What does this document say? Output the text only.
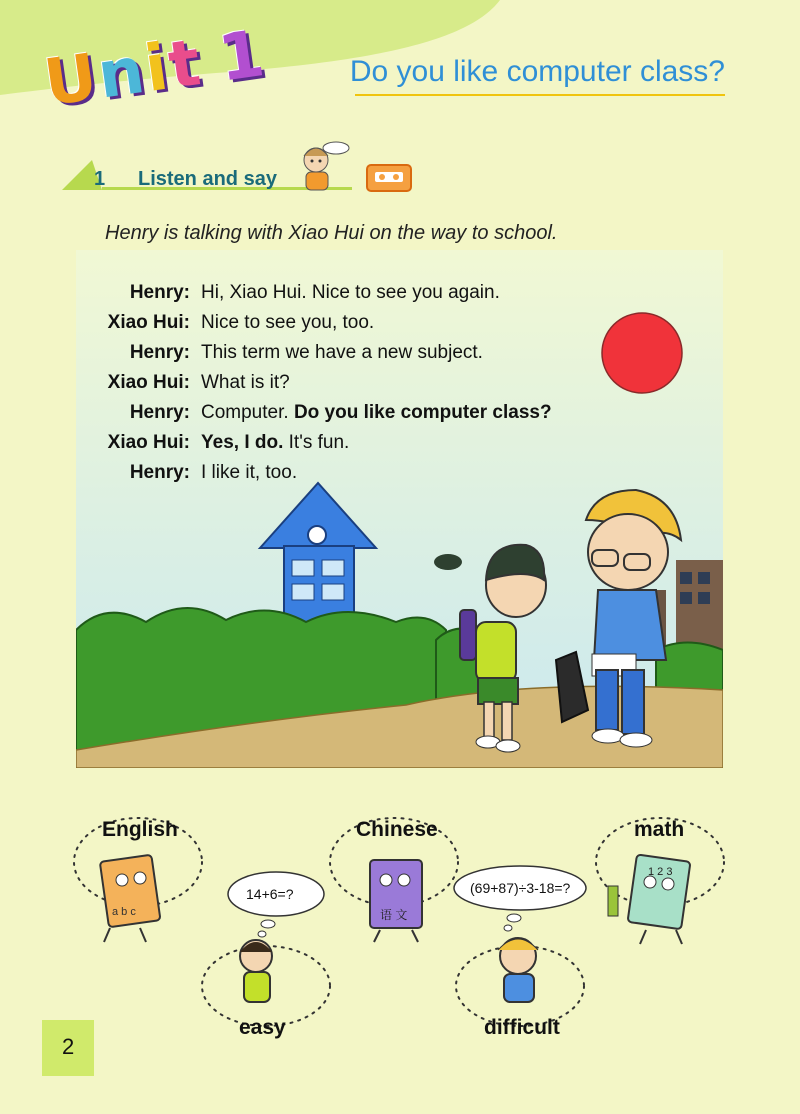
Unit 1	Do you like computer class?
1 Listen and say
Henry is talking with Xiao Hui on the way to school.
Henry: Hi, Xiao Hui. Nice to see you again.
Xiao Hui: Nice to see you, too.
Henry: This term we have a new subject.
Xiao Hui: What is it?
Henry: Computer. Do you like computer class?
Xiao Hui: Yes, I do. It's fun.
Henry: I like it, too.
English	Chinese	math
easy	difficult
14+6=?	(69+87)÷3-18=?
a b c	语 文
1 2 3
2
